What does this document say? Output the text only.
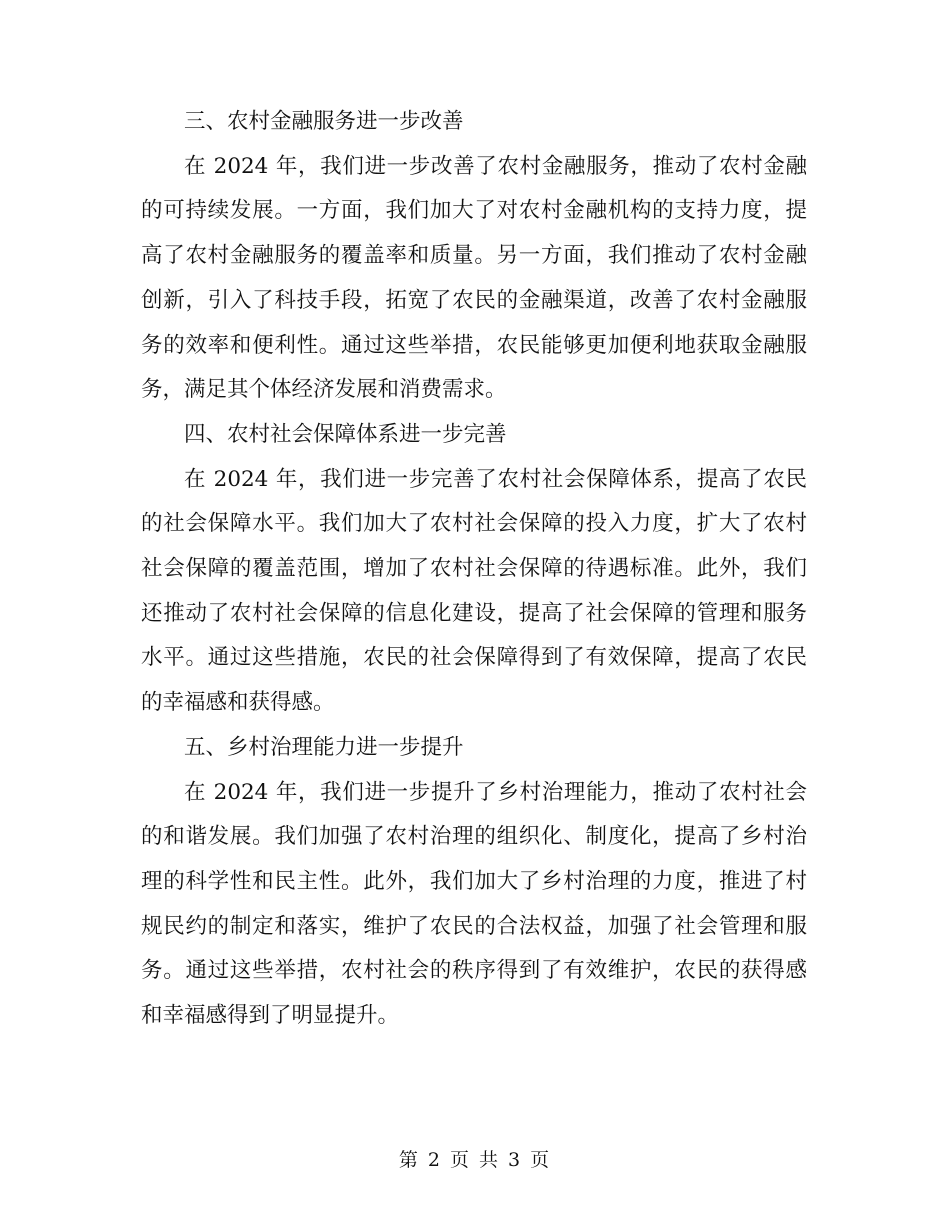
三、农村金融服务进一步改善

在 2024 年，我们进一步改善了农村金融服务，推动了农村金融的可持续发展。一方面，我们加大了对农村金融机构的支持力度，提高了农村金融服务的覆盖率和质量。另一方面，我们推动了农村金融创新，引入了科技手段，拓宽了农民的金融渠道，改善了农村金融服务的效率和便利性。通过这些举措，农民能够更加便利地获取金融服务，满足其个体经济发展和消费需求。

四、农村社会保障体系进一步完善

在 2024 年，我们进一步完善了农村社会保障体系，提高了农民的社会保障水平。我们加大了农村社会保障的投入力度，扩大了农村社会保障的覆盖范围，增加了农村社会保障的待遇标准。此外，我们还推动了农村社会保障的信息化建设，提高了社会保障的管理和服务水平。通过这些措施，农民的社会保障得到了有效保障，提高了农民的幸福感和获得感。

五、乡村治理能力进一步提升

在 2024 年，我们进一步提升了乡村治理能力，推动了农村社会的和谐发展。我们加强了农村治理的组织化、制度化，提高了乡村治理的科学性和民主性。此外，我们加大了乡村治理的力度，推进了村规民约的制定和落实，维护了农民的合法权益，加强了社会管理和服务。通过这些举措，农村社会的秩序得到了有效维护，农民的获得感和幸福感得到了明显提升。

第 2 页 共 3 页
